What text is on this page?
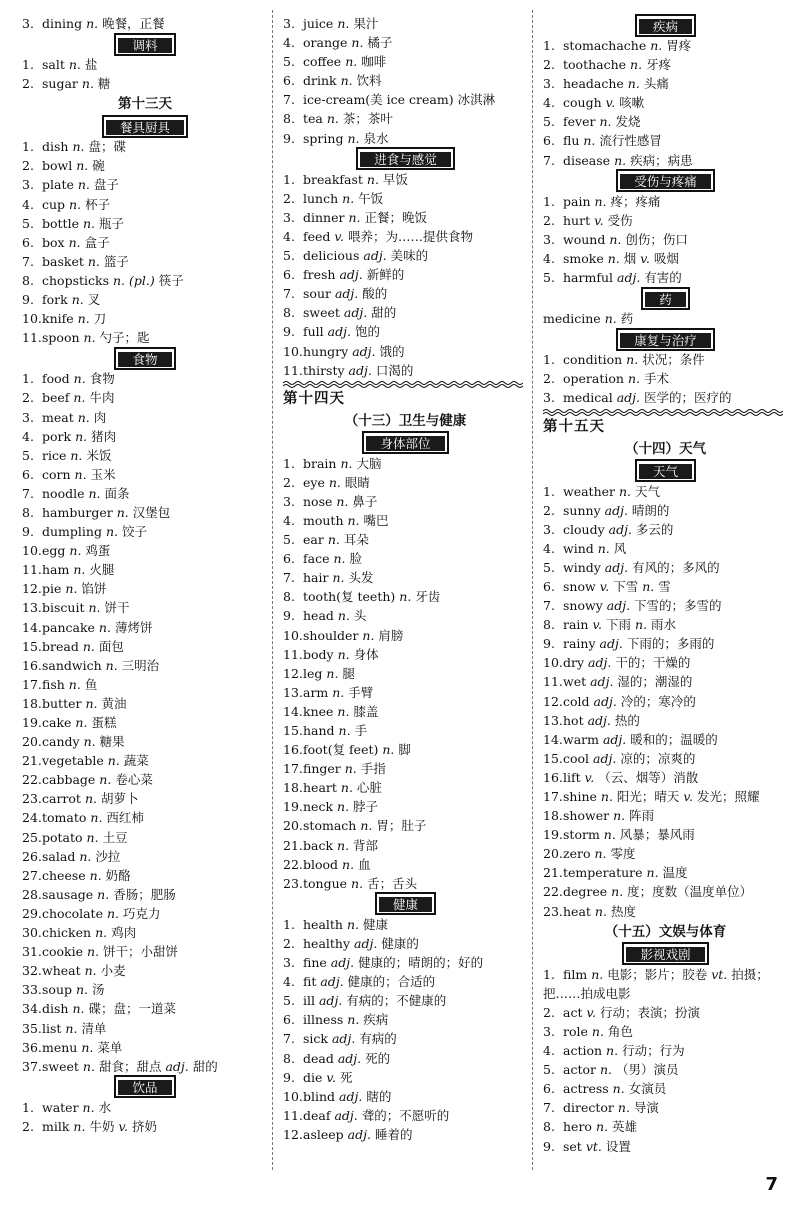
3. dining n. 晚餐，正餐
调料
1. salt n. 盐
2. sugar n. 糖
第十三天
餐具厨具
1. dish n. 盘；碟
2. bowl n. 碗
3. plate n. 盘子
4. cup n. 杯子
5. bottle n. 瓶子
6. box n. 盒子
7. basket n. 篮子
8. chopsticks n. (pl.) 筷子
9. fork n. 叉
10.knife n. 刀
11.spoon n. 勺子；匙
食物
1. food n. 食物
2. beef n. 牛肉
3. meat n. 肉
4. pork n. 猪肉
5. rice n. 米饭
6. corn n. 玉米
7. noodle n. 面条
8. hamburger n. 汉堡包
9. dumpling n. 饺子
10.egg n. 鸡蛋
11.ham n. 火腿
12.pie n. 馅饼
13.biscuit n. 饼干
14.pancake n. 薄烤饼
15.bread n. 面包
16.sandwich n. 三明治
17.fish n. 鱼
18.butter n. 黄油
19.cake n. 蛋糕
20.candy n. 糖果
21.vegetable n. 蔬菜
22.cabbage n. 卷心菜
23.carrot n. 胡萝卜
24.tomato n. 西红柿
25.potato n. 土豆
26.salad n. 沙拉
27.cheese n. 奶酪
28.sausage n. 香肠；肥肠
29.chocolate n. 巧克力
30.chicken n. 鸡肉
31.cookie n. 饼干；小甜饼
32.wheat n. 小麦
33.soup n. 汤
34.dish n. 碟；盘；一道菜
35.list n. 清单
36.menu n. 菜单
37.sweet n. 甜食；甜点 adj. 甜的
饮品
1. water n. 水
2. milk n. 牛奶 v. 挤奶
3. juice n. 果汁
4. orange n. 橘子
5. coffee n. 咖啡
6. drink n. 饮料
7. ice-cream(美 ice cream) 冰淇淋
8. tea n. 茶；茶叶
9. spring n. 泉水
进食与感觉
1. breakfast n. 早饭
2. lunch n. 午饭
3. dinner n. 正餐；晚饭
4. feed v. 喂养；为……提供食物
5. delicious adj. 美味的
6. fresh adj. 新鲜的
7. sour adj. 酸的
8. sweet adj. 甜的
9. full adj. 饱的
10.hungry adj. 饿的
11.thirsty adj. 口渴的
第十四天
（十三）卫生与健康
身体部位
1. brain n. 大脑
2. eye n. 眼睛
3. nose n. 鼻子
4. mouth n. 嘴巴
5. ear n. 耳朵
6. face n. 脸
7. hair n. 头发
8. tooth(复 teeth) n. 牙齿
9. head n. 头
10.shoulder n. 肩膀
11.body n. 身体
12.leg n. 腿
13.arm n. 手臂
14.knee n. 膝盖
15.hand n. 手
16.foot(复 feet) n. 脚
17.finger n. 手指
18.heart n. 心脏
19.neck n. 脖子
20.stomach n. 胃；肚子
21.back n. 背部
22.blood n. 血
23.tongue n. 舌；舌头
健康
1. health n. 健康
2. healthy adj. 健康的
3. fine adj. 健康的；晴朗的；好的
4. fit adj. 健康的；合适的
5. ill adj. 有病的；不健康的
6. illness n. 疾病
7. sick adj. 有病的
8. dead adj. 死的
9. die v. 死
10.blind adj. 瞎的
11.deaf adj. 聋的；不愿听的
12.asleep adj. 睡着的
疾病
1. stomachache n. 胃疼
2. toothache n. 牙疼
3. headache n. 头痛
4. cough v. 咳嗽
5. fever n. 发烧
6. flu n. 流行性感冒
7. disease n. 疾病；病患
受伤与疼痛
1. pain n. 疼；疼痛
2. hurt v. 受伤
3. wound n. 创伤；伤口
4. smoke n. 烟 v. 吸烟
5. harmful adj. 有害的
药
medicine n. 药
康复与治疗
1. condition n. 状况；条件
2. operation n. 手术
3. medical adj. 医学的；医疗的
第十五天
（十四）天气
天气
1. weather n. 天气
2. sunny adj. 晴朗的
3. cloudy adj. 多云的
4. wind n. 风
5. windy adj. 有风的；多风的
6. snow v. 下雪 n. 雪
7. snowy adj. 下雪的；多雪的
8. rain v. 下雨 n. 雨水
9. rainy adj. 下雨的；多雨的
10.dry adj. 干的；干燥的
11.wet adj. 湿的；潮湿的
12.cold adj. 冷的；寒冷的
13.hot adj. 热的
14.warm adj. 暖和的；温暖的
15.cool adj. 凉的；凉爽的
16.lift v. （云、烟等）消散
17.shine n. 阳光；晴天 v. 发光；照耀
18.shower n. 阵雨
19.storm n. 风暴；暴风雨
20.zero n. 零度
21.temperature n. 温度
22.degree n. 度；度数（温度单位）
23.heat n. 热度
（十五）文娱与体育
影视戏剧
1. film n. 电影；影片；胶卷 vt. 拍摄；
把……拍成电影
2. act v. 行动；表演；扮演
3. role n. 角色
4. action n. 行动；行为
5. actor n. （男）演员
6. actress n. 女演员
7. director n. 导演
8. hero n. 英雄
9. set vt. 设置
7
